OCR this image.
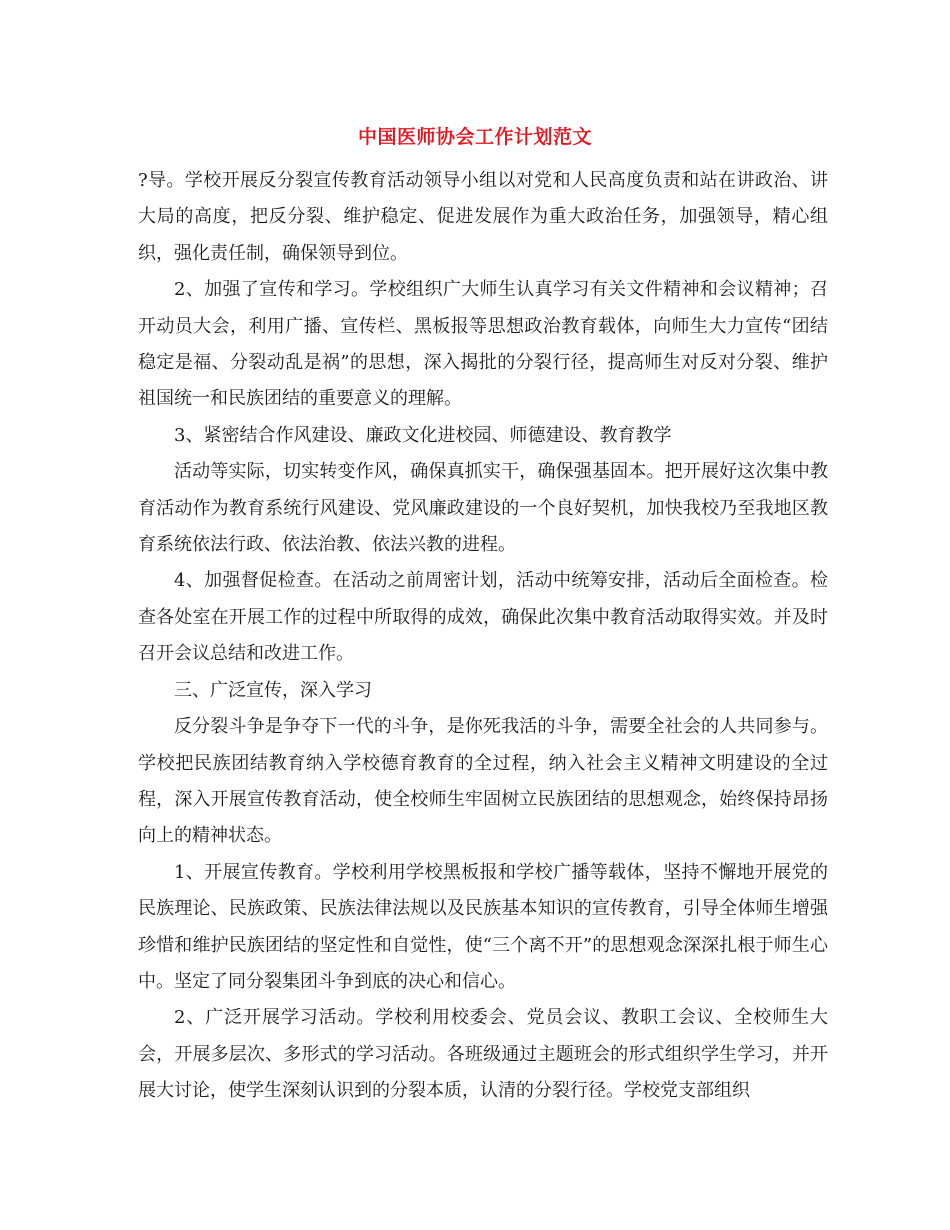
中国医师协会工作计划范文

?导。学校开展反分裂宣传教育活动领导小组以对党和人民高度负责和站在讲政治、讲大局的高度，把反分裂、维护稳定、促进发展作为重大政治任务，加强领导，精心组织，强化责任制，确保领导到位。

2、加强了宣传和学习。学校组织广大师生认真学习有关文件精神和会议精神；召开动员大会，利用广播、宣传栏、黑板报等思想政治教育载体，向师生大力宣传“团结稳定是福、分裂动乱是祸”的思想，深入揭批的分裂行径，提高师生对反对分裂、维护祖国统一和民族团结的重要意义的理解。

3、紧密结合作风建设、廉政文化进校园、师德建设、教育教学

活动等实际，切实转变作风，确保真抓实干，确保强基固本。把开展好这次集中教育活动作为教育系统行风建设、党风廉政建设的一个良好契机，加快我校乃至我地区教育系统依法行政、依法治教、依法兴教的进程。

4、加强督促检查。在活动之前周密计划，活动中统筹安排，活动后全面检查。检查各处室在开展工作的过程中所取得的成效，确保此次集中教育活动取得实效。并及时召开会议总结和改进工作。

三、广泛宣传，深入学习

反分裂斗争是争夺下一代的斗争，是你死我活的斗争，需要全社会的人共同参与。学校把民族团结教育纳入学校德育教育的全过程，纳入社会主义精神文明建设的全过程，深入开展宣传教育活动，使全校师生牢固树立民族团结的思想观念，始终保持昂扬向上的精神状态。

1、开展宣传教育。学校利用学校黑板报和学校广播等载体，坚持不懈地开展党的民族理论、民族政策、民族法律法规以及民族基本知识的宣传教育，引导全体师生增强珍惜和维护民族团结的坚定性和自觉性，使“三个离不开”的思想观念深深扎根于师生心中。坚定了同分裂集团斗争到底的决心和信心。

2、广泛开展学习活动。学校利用校委会、党员会议、教职工会议、全校师生大会，开展多层次、多形式的学习活动。各班级通过主题班会的形式组织学生学习，并开展大讨论，使学生深刻认识到的分裂本质，认清的分裂行径。学校党支部组织
